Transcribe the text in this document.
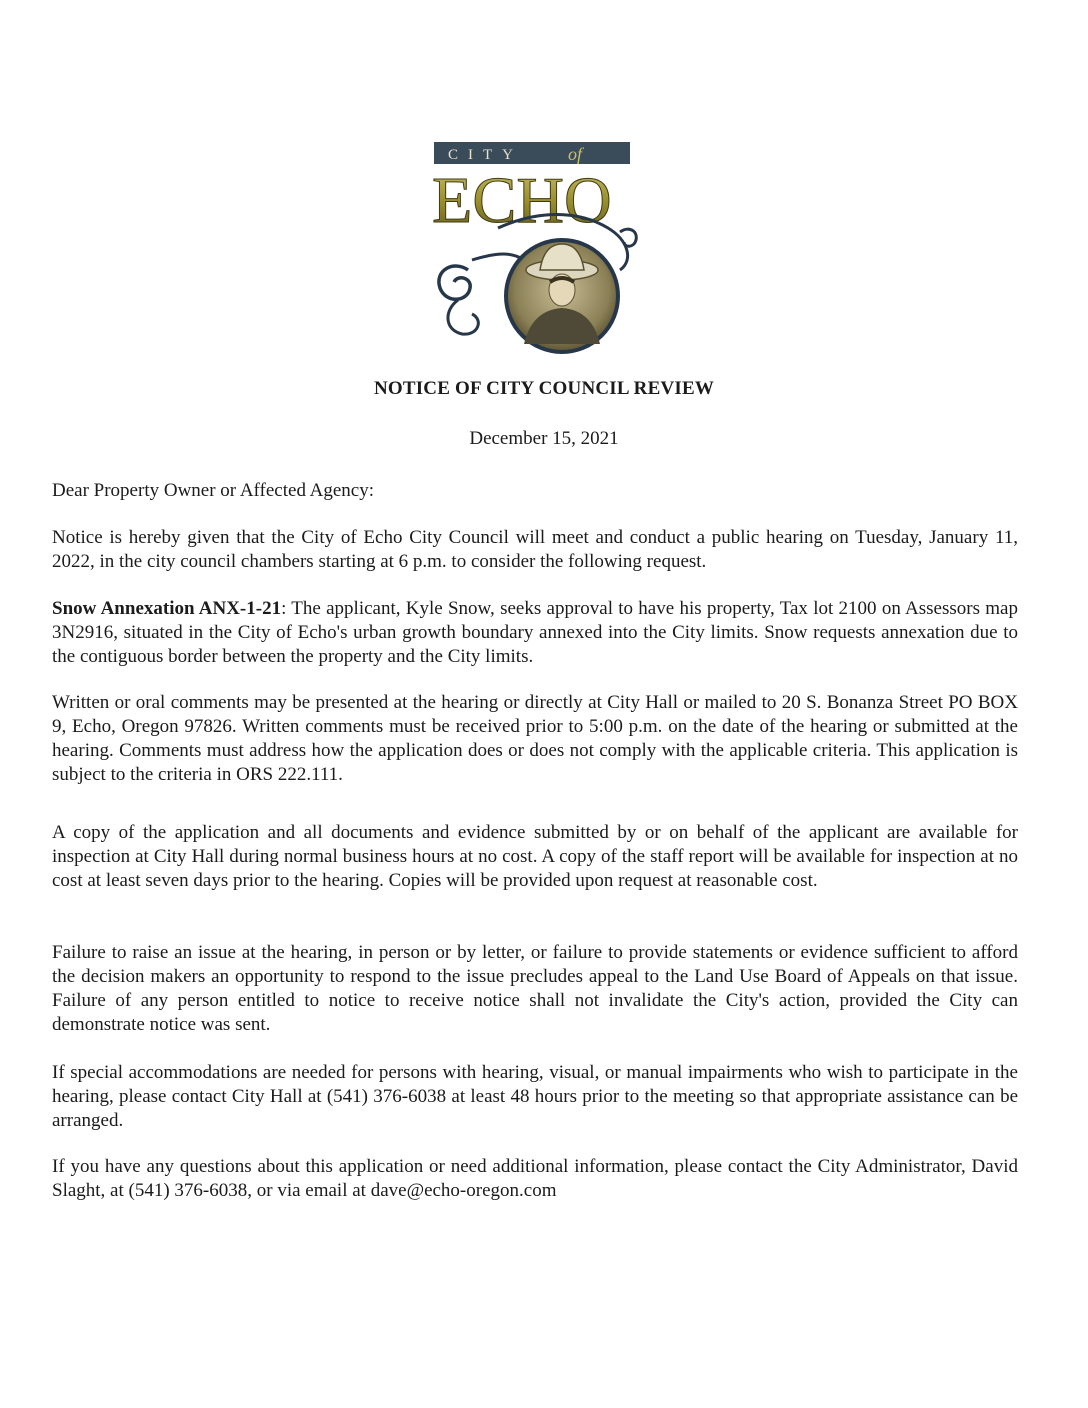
CITY	of
ECHO
NOTICE OF CITY COUNCIL REVIEW
December 15, 2021
Dear Property Owner or Affected Agency:
Notice is hereby given that the City of Echo City Council will meet and conduct a public hearing on Tuesday, January 11, 2022, in the city council chambers starting at 6 p.m. to consider the following request.
Snow Annexation ANX-1-21: The applicant, Kyle Snow, seeks approval to have his property, Tax lot 2100 on Assessors map 3N2916, situated in the City of Echo's urban growth boundary annexed into the City limits. Snow requests annexation due to the contiguous border between the property and the City limits.
Written or oral comments may be presented at the hearing or directly at City Hall or mailed to 20 S. Bonanza Street PO BOX 9, Echo, Oregon 97826. Written comments must be received prior to 5:00 p.m. on the date of the hearing or submitted at the hearing. Comments must address how the application does or does not comply with the applicable criteria. This application is subject to the criteria in ORS 222.111.
A copy of the application and all documents and evidence submitted by or on behalf of the applicant are available for inspection at City Hall during normal business hours at no cost. A copy of the staff report will be available for inspection at no cost at least seven days prior to the hearing. Copies will be provided upon request at reasonable cost.
Failure to raise an issue at the hearing, in person or by letter, or failure to provide statements or evidence sufficient to afford the decision makers an opportunity to respond to the issue precludes appeal to the Land Use Board of Appeals on that issue. Failure of any person entitled to notice to receive notice shall not invalidate the City's action, provided the City can demonstrate notice was sent.
If special accommodations are needed for persons with hearing, visual, or manual impairments who wish to participate in the hearing, please contact City Hall at (541) 376-6038 at least 48 hours prior to the meeting so that appropriate assistance can be arranged.
If you have any questions about this application or need additional information, please contact the City Administrator, David Slaght, at (541) 376-6038, or via email at dave@echo-oregon.com
